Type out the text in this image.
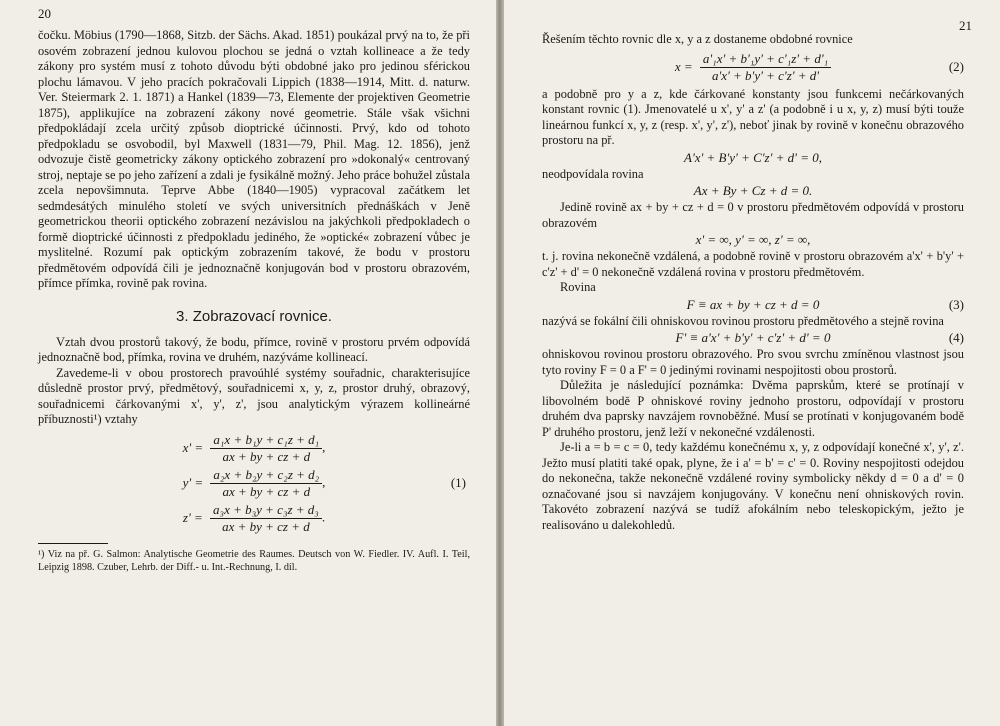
20

čočku. Möbius (1790—1868, Sitzb. der Sächs. Akad. 1851) poukázal prvý na to, že při osovém zobrazení jednou kulovou plochou se jedná o vztah kollineace a že tedy zákony pro systém musí z tohoto důvodu býti obdobné jako pro jedinou sférickou plochu lámavou. V jeho pracích pokračovali Lippich (1838—1914, Mitt. d. naturw. Ver. Steiermark 2. 1. 1871) a Hankel (1839—73, Elemente der projektiven Geometrie 1875), applikujíce na zobrazení zákony nové geometrie. Stále však všichni předpokládají zcela určitý způsob dioptrické účinnosti. Prvý, kdo od tohoto předpokladu se osvobodil, byl Maxwell (1831—79, Phil. Mag. 12. 1856), jenž odvozuje čistě geometricky zákony optického zobrazení pro »dokonalý« centrovaný stroj, neptaje se po jeho zařízení a zdali je fysikálně možný. Jeho práce bohužel zůstala zcela nepovšimnuta. Teprve Abbe (1840—1905) vypracoval začátkem let sedmdesátých minulého století ve svých universitních přednáškách v Jeně geometrickou theorii optického zobrazení nezávislou na jakýchkoli předpokladech o formě dioptrické účinnosti z předpokladu jediného, že »optické« zobrazení vůbec je myslitelné. Rozumí pak optickým zobrazením takové, že bodu v prostoru předmětovém odpovídá čili je jednoznačně konjugován bod v prostoru obrazovém, přímce přímka, rovině pak rovina.

3. Zobrazovací rovnice.

Vztah dvou prostorů takový, že bodu, přímce, rovině v prostoru prvém odpovídá jednoznačně bod, přímka, rovina ve druhém, nazýváme kollineací.

Zavedeme-li v obou prostorech pravoúhlé systémy souřadnic, charakterisujíce důsledně prostor prvý, předmětový, souřadnicemi x, y, z, prostor druhý, obrazový, souřadnicemi čárkovanými x', y', z', jsou analytickým výrazem kollineárné příbuznosti¹) vztahy

$x' = \frac{\text{a₁x + b₁y + c₁z + d₁}}{ax + by + cz + d}$ ,
$y' = \frac{\text{a₂x + b₂y + c₂z + d₂}}{ax + by + cz + d}$ ,
$z' = \frac{\text{a₃x + b₃y + c₃z + d₃}}{ax + by + cz + d}$ .
(1)
¹) Viz na př. G. Salmon: Analytische Geometrie des Raumes. Deutsch von W. Fiedler. IV. Aufl. I. Teil, Leipzig 1898. Czuber, Lehrb. der Diff.- u. Int.-Rechnung, I. díl.
21

Řešením těchto rovnic dle x, y a z dostaneme obdobné rovnice

$x = \frac{\text{a'₁x' + b'₁y' + c'₁z' + d'₁}}{a'x' + b'y' + c'z' + d'}$	(2)

a podobně pro y a z, kde čárkované konstanty jsou funkcemi nečárkovaných konstant rovnic (1). Jmenovatelé u x', y' a z' (a podobně i u x, y, z) musí býti touže lineárnou funkcí x, y, z (resp. x', y', z'), neboť jinak by rovině v konečnu obrazového prostoru na př.

A'x' + B'y' + C'z' + d' = 0,

neodpovídala rovina

Ax + By + Cz + d = 0.

Jedině rovině ax + by + cz + d = 0 v prostoru předmětovém odpovídá v prostoru obrazovém

x' = ∞, y' = ∞, z' = ∞,

t. j. rovina nekonečně vzdálená, a podobně rovině v prostoru obrazovém a'x' + b'y' + c'z' + d' = 0 nekonečně vzdálená rovina v prostoru předmětovém.

Rovina

F ≡ ax + by + cz + d = 0	(3)

nazývá se fokální čili ohniskovou rovinou prostoru předmětového a stejně rovina

F' ≡ a'x' + b'y' + c'z' + d' = 0	(4)

ohniskovou rovinou prostoru obrazového. Pro svou svrchu zmíněnou vlastnost jsou tyto roviny F = 0 a F' = 0 jedinými rovinami nespojitosti obou prostorů.

Důležita je následující poznámka: Dvěma paprskům, které se protínají v libovolném bodě P ohniskové roviny jednoho prostoru, odpovídají v prostoru druhém dva paprsky navzájem rovnoběžné. Musí se protínati v konjugovaném bodě P' druhého prostoru, jenž leží v nekonečné vzdálenosti.

Je-li a = b = c = 0, tedy každému konečnému x, y, z odpovídají konečné x', y', z'. Ježto musí platiti také opak, plyne, že i a' = b' = c' = 0. Roviny nespojitosti odejdou do nekonečna, takže nekonečně vzdálené roviny symbolicky někdy d = 0 a d' = 0 označované jsou si navzájem konjugovány. V konečnu není ohniskových rovin. Takovéto zobrazení nazývá se tudíž afokálním nebo teleskopickým, ježto je realisováno u dalekohledů.
